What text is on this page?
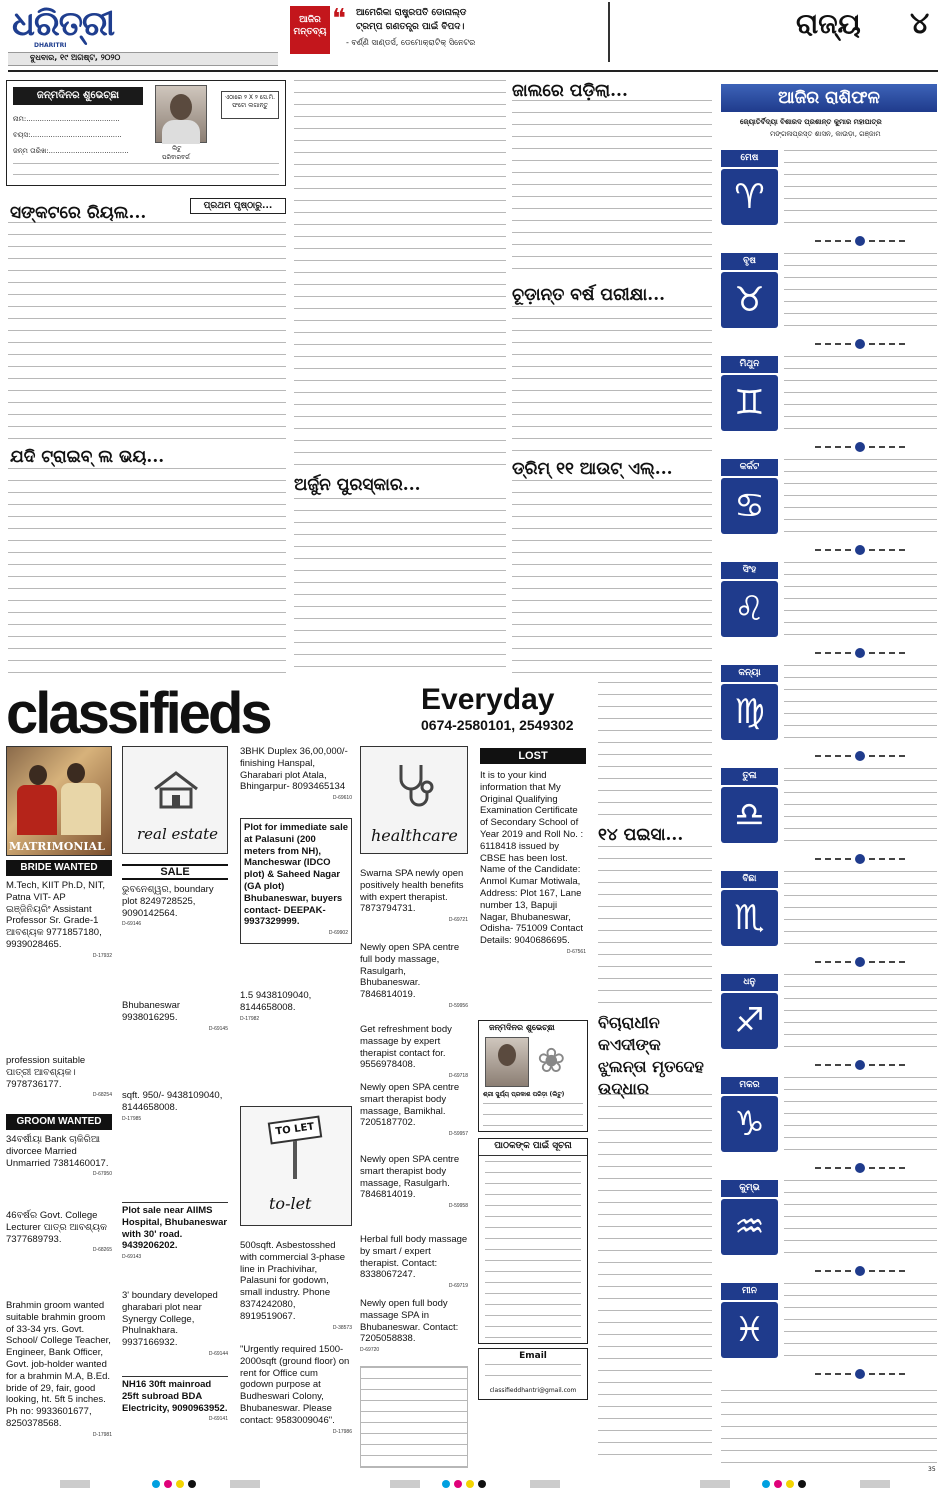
ଧରିତ୍ରୀ
DHARITRI
ବୁଧବାର, ୧୯ ଅଗଷ୍ଟ, ୨୦୨୦
ଆଜିର
ମନ୍ତବ୍ୟ ❝ ଆମେରିକା ରାଷ୍ଟ୍ରପତି ଡୋନାଲ୍ଡ
ଟ୍ରମ୍ପ ଗଣତନ୍ତ୍ର ପାଇଁ ବିପଦ।
- ବର୍ଣ୍ଣି ସାଣ୍ଡର୍ସ, ଡେମୋକ୍ରାଟିକ୍ ସିନେଟର
ରାଜ୍ୟ ୪
ଜନ୍ମଦିନର ଶୁଭେଚ୍ଛା
ନାମ:..........................................
ବୟସ:.........................................
ଜନ୍ମ ତାରିଖ:....................................	ଲିଟୁ
ପରିବାରବର୍ଗ
ଏଠାରେ ୨ X ୨ ସେ.ମି. ଫଟୋ ଲଗାନ୍ତୁ
ସଙ୍କଟରେ ରିୟଲ...	ପ୍ରଥମ ପୃଷ୍ଠାରୁ...
ଯଦି ଟ୍ରାଇବ୍ ଲ ଭୟ...
ଅର୍ଜୁନ ପୁରସ୍କାର...
ଜାଲରେ ପଡ଼ିଲା...
ଚୂଡ଼ାନ୍ତ ବର୍ଷ ପରୀକ୍ଷା...
ଡ୍ରିମ୍ ୧୧ ଆଉଟ୍ ଏଲ୍...
ଆଜିର ରାଶିଫଳ
ଜ୍ୟୋତିର୍ବିଦ୍ୟା ବିଶାରଦ ପ୍ରଶାନ୍ତ କୁମାର ମହାପାତ୍ର
ମଙ୍ଗଳାପ୍ରସ୍ତ ଶାସନ, କାଉଡ଼ା, ଗଞ୍ଜାମ
ମେଷ
♈
ବୃଷ
♉
ମିଥୁନ
♊
କର୍କଟ
♋
ସିଂହ
♌
କନ୍ୟା
♍
ତୁଳା
♎
ବିଛା
♏
ଧନୁ
♐
ମକର
♑
କୁମ୍ଭ
♒
ମୀନ
♓
classifieds	Everyday
0674-2580101, 2549302
MATRIMONIAL
BRIDE WANTED
M.Tech, KIIT Ph.D, NIT, Patna VIT- AP ଇଞ୍ଜିନିୟରିଂ Assistant Professor Sr. Grade-1 ଆବଶ୍ୟକ 9771857180, 9939028465.
D-17932
profession suitable ପାତ୍ରୀ ଆବଶ୍ୟକ। 7978736177.
D-68254
GROOM WANTED
34ବର୍ଷୀୟା Bank ଚାକିରିଆ divorcee Married Unmarried 7381460017.
D-67950
46ବର୍ଷର Govt. College Lecturer ପାତ୍ର ଆବଶ୍ୟକ 7377689793.
D-68265
Brahmin groom wanted suitable brahmin groom of 33-34 yrs. Govt. School/ College Teacher, Engineer, Bank Officer, Govt. job-holder wanted for a brahmin M.A, B.Ed. bride of 29, fair, good looking, ht. 5ft 5 inches. Ph no: 9933601677, 8250378568.
D-17981
real estate
SALE
ଭୁବନେଶ୍ୱର, boundary plot 8249728525, 9090142564.
D-69146
Bhubaneswar 9938016295.
D-69145
sqft. 950/- 9438109040, 8144658008.
D-17985
Plot sale near AIIMS Hospital, Bhubaneswar with 30' road. 9439206202.
D-69143
3' boundary developed gharabari plot near Synergy College, Phulnakhara. 9937166932.
D-69144
NH16 30ft mainroad 25ft subroad BDA Electricity, 9090963952.
D-69141
3BHK Duplex 36,00,000/- finishing Hanspal, Gharabari plot Atala, Bhingarpur- 8093465134
D-69610
Plot for immediate sale at Palasuni (200 meters from NH), Mancheswar (IDCO plot) & Saheed Nagar (GA plot) Bhubaneswar, buyers contact- DEEPAK- 9937329999.
D-69902
1.5 9438109040, 8144658008.
D-17982
TO LET
to-let
500sqft. Asbestosshed with commercial 3-phase line in Prachivihar, Palasuni for godown, small industry. Phone 8374242080, 8919519067.
D-38573
"Urgently required 1500-2000sqft (ground floor) on rent for Office cum godown purpose at Budheswari Colony, Bhubaneswar. Please contact: 9583009046".
D-17986
healthcare
Swarna SPA newly open positively health benefits with expert therapist. 7873794731.
D-69721
Newly open SPA centre full body massage, Rasulgarh, Bhubaneswar. 7846814019.
D-59956
Get refreshment body massage by expert therapist contact for. 9556978408.
D-69718
Newly open SPA centre smart therapist body massage, Bamikhal. 7205187702.
D-59957
Newly open SPA centre smart therapist body massage, Rasulgarh. 7846814019.
D-59958
Herbal full body massage by smart / expert therapist. Contact: 8338067247.
D-69719
Newly open full body massage SPA in Bhubaneswar. Contact: 7205058838.
D-69720
LOST
It is to your kind information that My Original Qualifying Examination Certificate of Secondary School of Year 2019 and Roll No. : 6118418 issued by CBSE has been lost. Name of the Candidate: Anmol Kumar Motiwala, Address: Plot 167, Lane number 13, Bapuji Nagar, Bhubaneswar, Odisha- 751009 Contact Details: 9040686695.
D-67561
ଜନ୍ମଦିନର ଶୁଭେଚ୍ଛା
❀
ଶ୍ରୀ ସୁର୍ଯ୍ୟ ପ୍ରକାଶ ପରିଡ଼ା (ଲିଟୁ)
ପାଠକଙ୍କ ପାଇଁ ସୂଚନା
Email
classifieddhantri@gmail.com
୧୪ ପଇସା...
ବିଚାରାଧୀନ କଏଦୀଙ୍କ ଝୁଲନ୍ତା ମୃତଦେହ ଉଦ୍ଧାର
35
